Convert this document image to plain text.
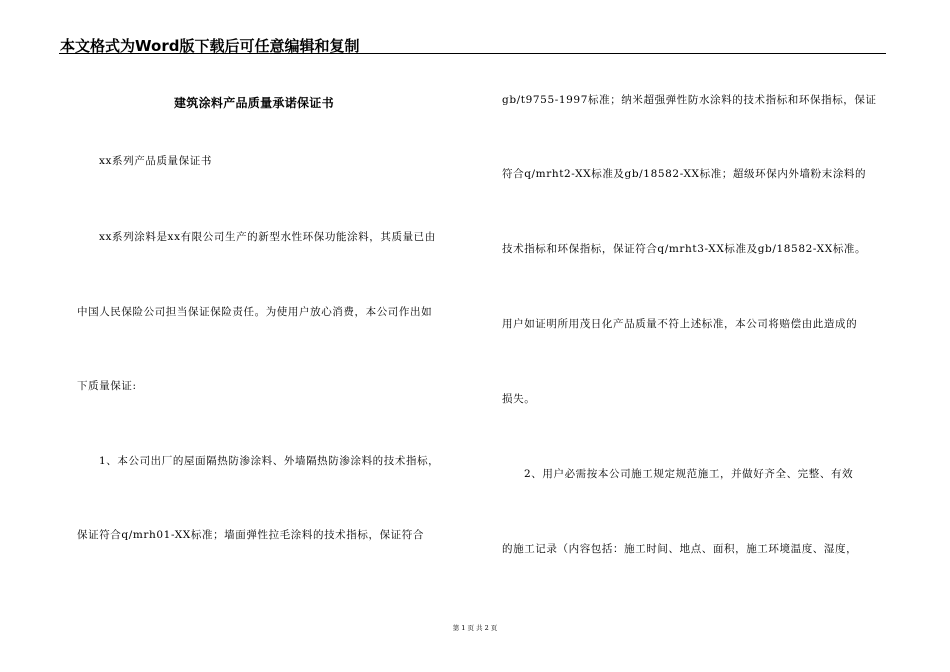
本文格式为Word版下载后可任意编辑和复制
建筑涂料产品质量承诺保证书
xx系列产品质量保证书
xx系列涂料是xx有限公司生产的新型水性环保功能涂料，其质量已由
中国人民保险公司担当保证保险责任。为使用户放心消费，本公司作出如
下质量保证:
1、本公司出厂的屋面隔热防渗涂料、外墙隔热防渗涂料的技术指标，
保证符合q/mrh01-XX标准；墙面弹性拉毛涂料的技术指标，保证符合
gb/t9755-1997标准；纳米超强弹性防水涂料的技术指标和环保指标，保证
符合q/mrht2-XX标准及gb/18582-XX标准；超级环保内外墙粉末涂料的
技术指标和环保指标，保证符合q/mrht3-XX标准及gb/18582-XX标准。
用户如证明所用茂日化产品质量不符上述标准，本公司将赔偿由此造成的
损失。
2、用户必需按本公司施工规定规范施工，并做好齐全、完整、有效
的施工记录（内容包括：施工时间、地点、面积，施工环境温度、湿度，
第 1 页 共 2 页
